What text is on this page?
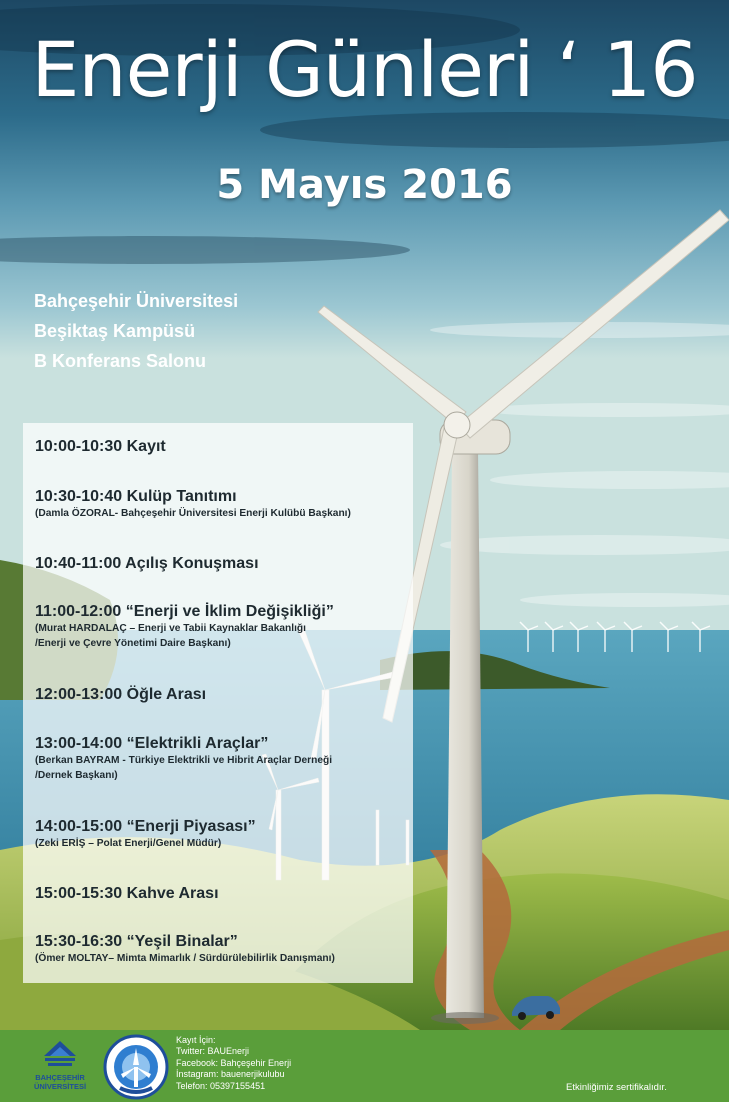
Enerji Günleri ‘ 16
5 Mayıs 2016
Bahçeşehir Üniversitesi
Beşiktaş Kampüsü
B Konferans Salonu
10:00-10:30 Kayıt
10:30-10:40 Kulüp Tanıtımı
(Damla ÖZORAL- Bahçeşehir Üniversitesi Enerji Kulübü Başkanı)
10:40-11:00 Açılış Konuşması
11:00-12:00 “Enerji ve İklim Değişikliği”
(Murat HARDALAÇ – Enerji ve Tabii Kaynaklar Bakanlığı
/Enerji ve Çevre Yönetimi Daire Başkanı)
12:00-13:00 Öğle Arası
13:00-14:00 “Elektrikli Araçlar”
(Berkan BAYRAM - Türkiye Elektrikli ve Hibrit Araçlar Derneği
/Dernek Başkanı)
14:00-15:00 “Enerji Piyasası”
(Zeki ERİŞ – Polat Enerji/Genel Müdür)
15:00-15:30 Kahve Arası
15:30-16:30 “Yeşil Binalar”
(Ömer MOLTAY– Mimta Mimarlık / Sürdürülebilirlik Danışmanı)
BAHÇEŞEHİR
ÜNİVERSİTESİ
Kayıt İçin:
Twitter: BAUEnerji
Facebook: Bahçeşehir Enerji
İnstagram: bauenerjikulubu
Telefon: 05397155451	Etkinliğimiz sertifikalıdır.
